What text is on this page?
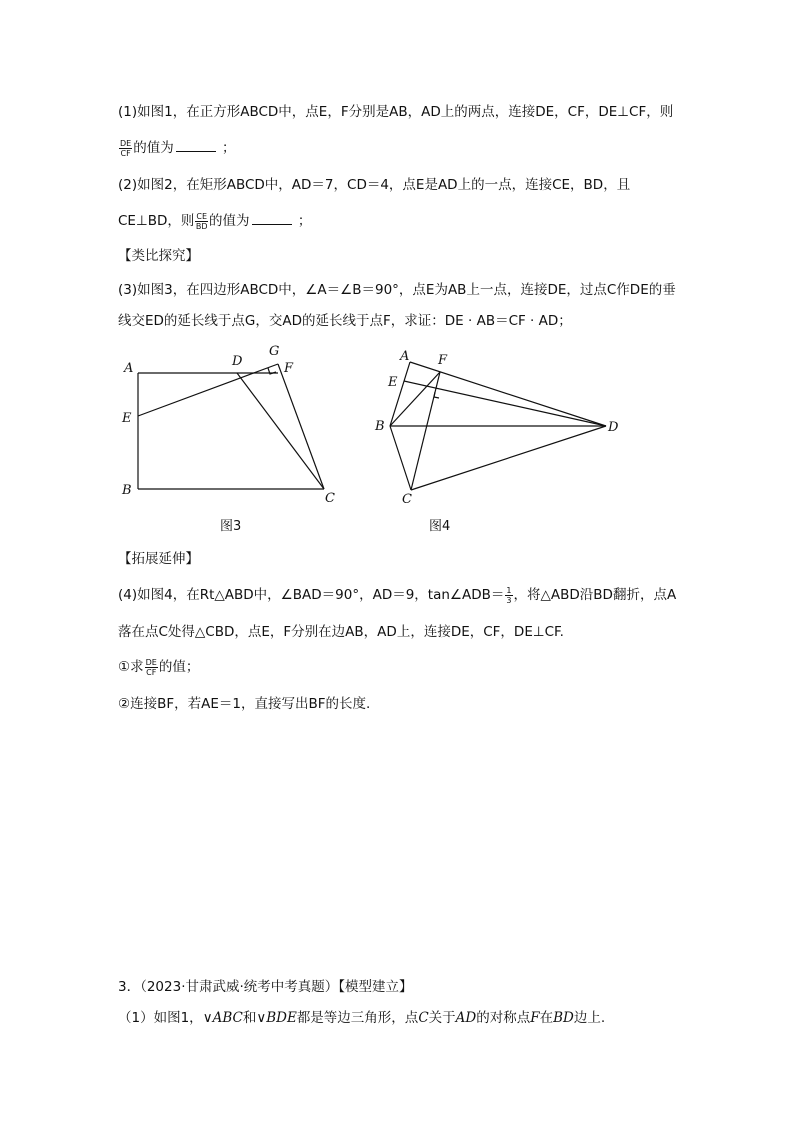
(1)如图1，在正方形ABCD中，点E，F分别是AB，AD上的两点，连接DE，CF，DE⊥CF，则
$\frac{DE}{CF}$ 的值为	；
(2)如图2，在矩形ABCD中，AD＝7，CD＝4，点E是AD上的一点，连接CE，BD，且
CE⊥BD，则 $\frac{CE}{BD}$ 的值为	；
【类比探究】
(3)如图3，在四边形ABCD中，∠A＝∠B＝90°，点E为AB上一点，连接DE，过点C作DE的垂
线交ED的延长线于点G，交AD的延长线于点F，求证：DE · AB＝CF · AD；
A
E
B
C
D
G
F
图3
A F
E
B	D
C
图4
【拓展延伸】
(4)如图4，在Rt△ABD中，∠BAD＝90°，AD＝9，tan∠ADB＝ $\frac{1}{3}$ ，将△ABD沿BD翻折，点A
落在点C处得△CBD，点E，F分别在边AB，AD上，连接DE，CF，DE⊥CF.
①求 $\frac{DE}{CF}$ 的值；
②连接BF，若AE＝1，直接写出BF的长度.
3．（2023·甘肃武威·统考中考真题）【模型建立】
（1）如图1，∨ABC和∨BDE都是等边三角形，点C关于AD的对称点F在BD边上.
